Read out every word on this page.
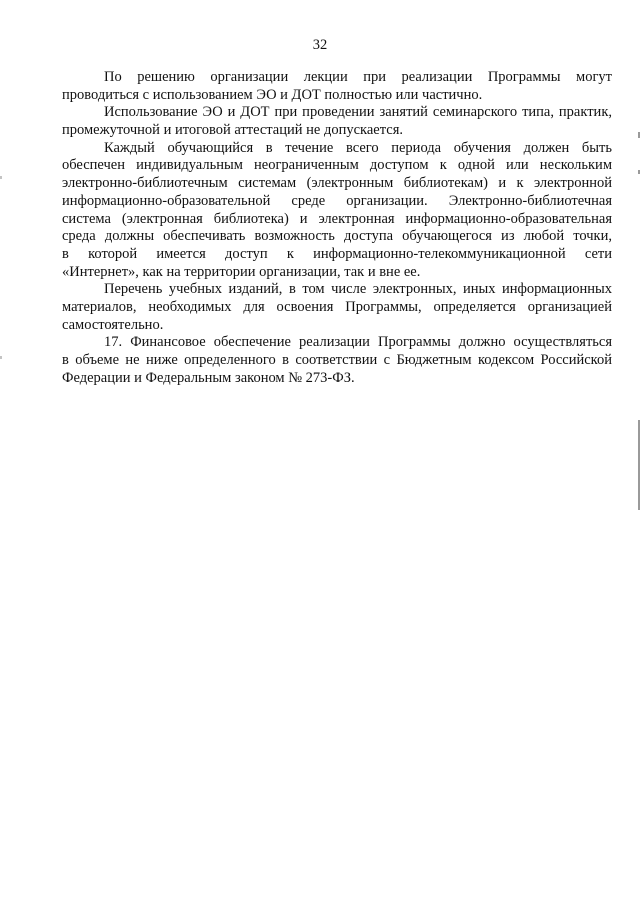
32
По решению организации лекции при реализации Программы могут
проводиться с использованием ЭО и ДОТ полностью или частично.
Использование ЭО и ДОТ при проведении занятий семинарского типа, практик,
промежуточной и итоговой аттестаций не допускается.
Каждый обучающийся в течение всего периода обучения должен быть
обеспечен индивидуальным неограниченным доступом к одной или нескольким
электронно-библиотечным системам (электронным библиотекам) и к электронной
информационно-образовательной среде организации. Электронно-библиотечная
система (электронная библиотека) и электронная информационно-образовательная
среда должны обеспечивать возможность доступа обучающегося из любой точки,
в которой имеется доступ к информационно-телекоммуникационной сети
«Интернет», как на территории организации, так и вне ее.
Перечень учебных изданий, в том числе электронных, иных информационных
материалов, необходимых для освоения Программы, определяется организацией
самостоятельно.
17. Финансовое обеспечение реализации Программы должно осуществляться
в объеме не ниже определенного в соответствии с Бюджетным кодексом Российской
Федерации и Федеральным законом № 273-ФЗ.
